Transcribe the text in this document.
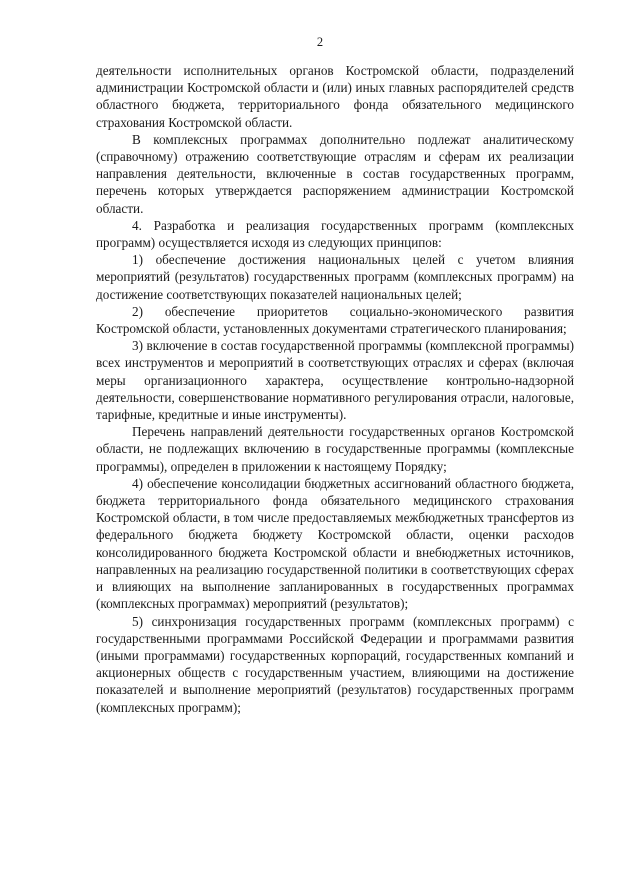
2

деятельности исполнительных органов Костромской области, подразделений администрации Костромской области и (или) иных главных распорядителей средств областного бюджета, территориального фонда обязательного медицинского страхования Костромской области.

В комплексных программах дополнительно подлежат аналитическому (справочному) отражению соответствующие отраслям и сферам их реализации направления деятельности, включенные в состав государственных программ, перечень которых утверждается распоряжением администрации Костромской области.

4. Разработка и реализация государственных программ (комплексных программ) осуществляется исходя из следующих принципов:

1) обеспечение достижения национальных целей с учетом влияния мероприятий (результатов) государственных программ (комплексных программ) на достижение соответствующих показателей национальных целей;

2) обеспечение приоритетов социально-экономического развития Костромской области, установленных документами стратегического планирования;

3) включение в состав государственной программы (комплексной программы) всех инструментов и мероприятий в соответствующих отраслях и сферах (включая меры организационного характера, осуществление контрольно-надзорной деятельности, совершенствование нормативного регулирования отрасли, налоговые, тарифные, кредитные и иные инструменты).

Перечень направлений деятельности государственных органов Костромской области, не подлежащих включению в государственные программы (комплексные программы), определен в приложении к настоящему Порядку;

4) обеспечение консолидации бюджетных ассигнований областного бюджета, бюджета территориального фонда обязательного медицинского страхования Костромской области, в том числе предоставляемых межбюджетных трансфертов из федерального бюджета бюджету Костромской области, оценки расходов консолидированного бюджета Костромской области и внебюджетных источников, направленных на реализацию государственной политики в соответствующих сферах и влияющих на выполнение запланированных в государственных программах (комплексных программах) мероприятий (результатов);

5) синхронизация государственных программ (комплексных программ) с государственными программами Российской Федерации и программами развития (иными программами) государственных корпораций, государственных компаний и акционерных обществ с государственным участием, влияющими на достижение показателей и выполнение мероприятий (результатов) государственных программ (комплексных программ);
